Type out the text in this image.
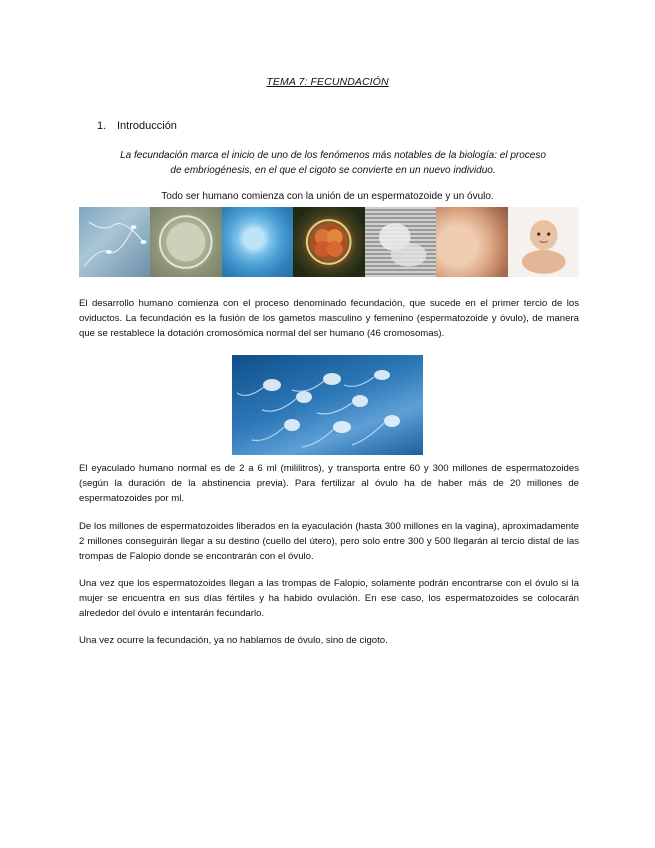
TEMA 7: FECUNDACIÓN
1. Introducción
La fecundación marca el inicio de uno de los fenómenos más notables de la biología: el proceso de embriogénesis, en el que el cigoto se convierte en un nuevo individuo.
Todo ser humano comienza con la unión de un espermatozoide y un óvulo.
El desarrollo humano comienza con el proceso denominado fecundación, que sucede en el primer tercio de los oviductos. La fecundación es la fusión de los gametos masculino y femenino (espermatozoide y óvulo), de manera que se restablece la dotación cromosómica normal del ser humano (46 cromosomas).
El eyaculado humano normal es de 2 a 6 ml (mililitros), y transporta entre 60 y 300 millones de espermatozoides (según la duración de la abstinencia previa). Para fertilizar al óvulo ha de haber más de 20 millones de espermatozoides por ml.
De los millones de espermatozoides liberados en la eyaculación (hasta 300 millones en la vagina), aproximadamente 2 millones conseguirán llegar a su destino (cuello del útero), pero solo entre 300 y 500 llegarán al tercio distal de las trompas de Falopio donde se encontrarán con el óvulo.
Una vez que los espermatozoides llegan a las trompas de Falopio, solamente podrán encontrarse con el óvulo si la mujer se encuentra en sus días fértiles y ha habido ovulación. En ese caso, los espermatozoides se colocarán alrededor del óvulo e intentarán fecundarlo.
Una vez ocurre la fecundación, ya no hablamos de óvulo, sino de cigoto.
